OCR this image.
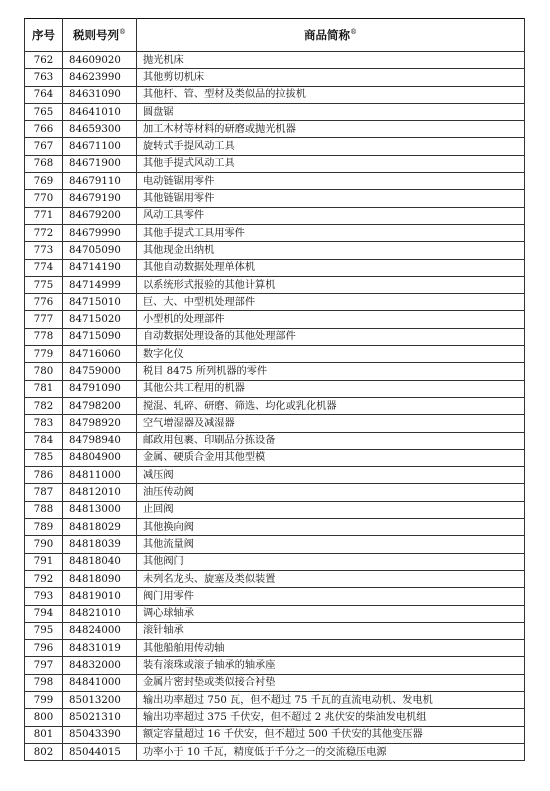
序号	税则号列®	商品简称®
762	84609020	抛光机床
763	84623990	其他剪切机床
764	84631090	其他杆、管、型材及类似品的拉拔机
765	84641010	圆盘锯
766	84659300	加工木材等材料的研磨或抛光机器
767	84671100	旋转式手提风动工具
768	84671900	其他手提式风动工具
769	84679110	电动链锯用零件
770	84679190	其他链锯用零件
771	84679200	风动工具零件
772	84679990	其他手提式工具用零件
773	84705090	其他现金出纳机
774	84714190	其他自动数据处理单体机
775	84714999	以系统形式报验的其他计算机
776	84715010	巨、大、中型机处理部件
777	84715020	小型机的处理部件
778	84715090	自动数据处理设备的其他处理部件
779	84716060	数字化仪
780	84759000	税目 8475 所列机器的零件
781	84791090	其他公共工程用的机器
782	84798200	搅混、轧碎、研磨、筛选、均化或乳化机器
783	84798920	空气增湿器及减湿器
784	84798940	邮政用包裹、印刷品分拣设备
785	84804900	金属、硬质合金用其他型模
786	84811000	减压阀
787	84812010	油压传动阀
788	84813000	止回阀
789	84818029	其他换向阀
790	84818039	其他流量阀
791	84818040	其他阀门
792	84818090	未列名龙头、旋塞及类似装置
793	84819010	阀门用零件
794	84821010	调心球轴承
795	84824000	滚针轴承
796	84831019	其他船舶用传动轴
797	84832000	装有滚珠或滚子轴承的轴承座
798	84841000	金属片密封垫或类似接合衬垫
799	85013200	输出功率超过 750 瓦，但不超过 75 千瓦的直流电动机、发电机
800	85021310	输出功率超过 375 千伏安，但不超过 2 兆伏安的柴油发电机组
801	85043390	额定容量超过 16 千伏安，但不超过 500 千伏安的其他变压器
802	85044015	功率小于 10 千瓦，精度低于千分之一的交流稳压电源
